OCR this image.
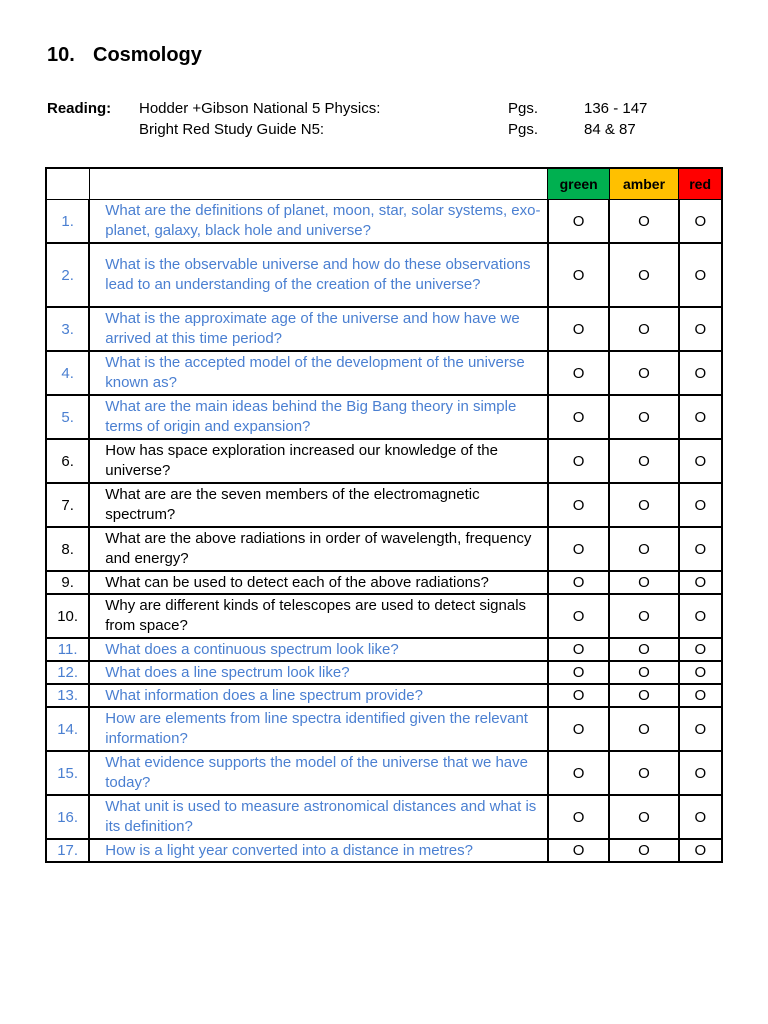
10. Cosmology
Reading: Hodder +Gibson National 5 Physics:	Pgs.	136 - 147
Bright Red Study Guide N5:	Pgs.	84 & 87
		green	amber	red
1.	What are the definitions of planet, moon, star, solar systems, exo-planet, galaxy, black hole and universe?	O	O	O
2.	What is the observable universe and how do these observations lead to an understanding of the creation of the universe?	O	O	O
3.	What is the approximate age of the universe and how have we arrived at this time period?	O	O	O
4.	What is the accepted model of the development of the universe known as?	O	O	O
5.	What are the main ideas behind the Big Bang theory in simple terms of origin and expansion?	O	O	O
6.	How has space exploration increased our knowledge of the universe?	O	O	O
7.	What are are the seven members of the electromagnetic spectrum?	O	O	O
8.	What are the above radiations in order of wavelength, frequency and energy?	O	O	O
9.	What can be used to detect each of the above radiations?	O	O	O
10.	Why are different kinds of telescopes are used to detect signals from space?	O	O	O
11.	What does a continuous spectrum look like?	O	O	O
12.	What does a line spectrum look like?	O	O	O
13.	What information does a line spectrum provide?	O	O	O
14.	How are elements from line spectra identified given the relevant information?	O	O	O
15.	What evidence supports the model of the universe that we have today?	O	O	O
16.	What unit is used to measure astronomical distances and what is its definition?	O	O	O
17.	How is a light year converted into a distance in metres?	O	O	O
